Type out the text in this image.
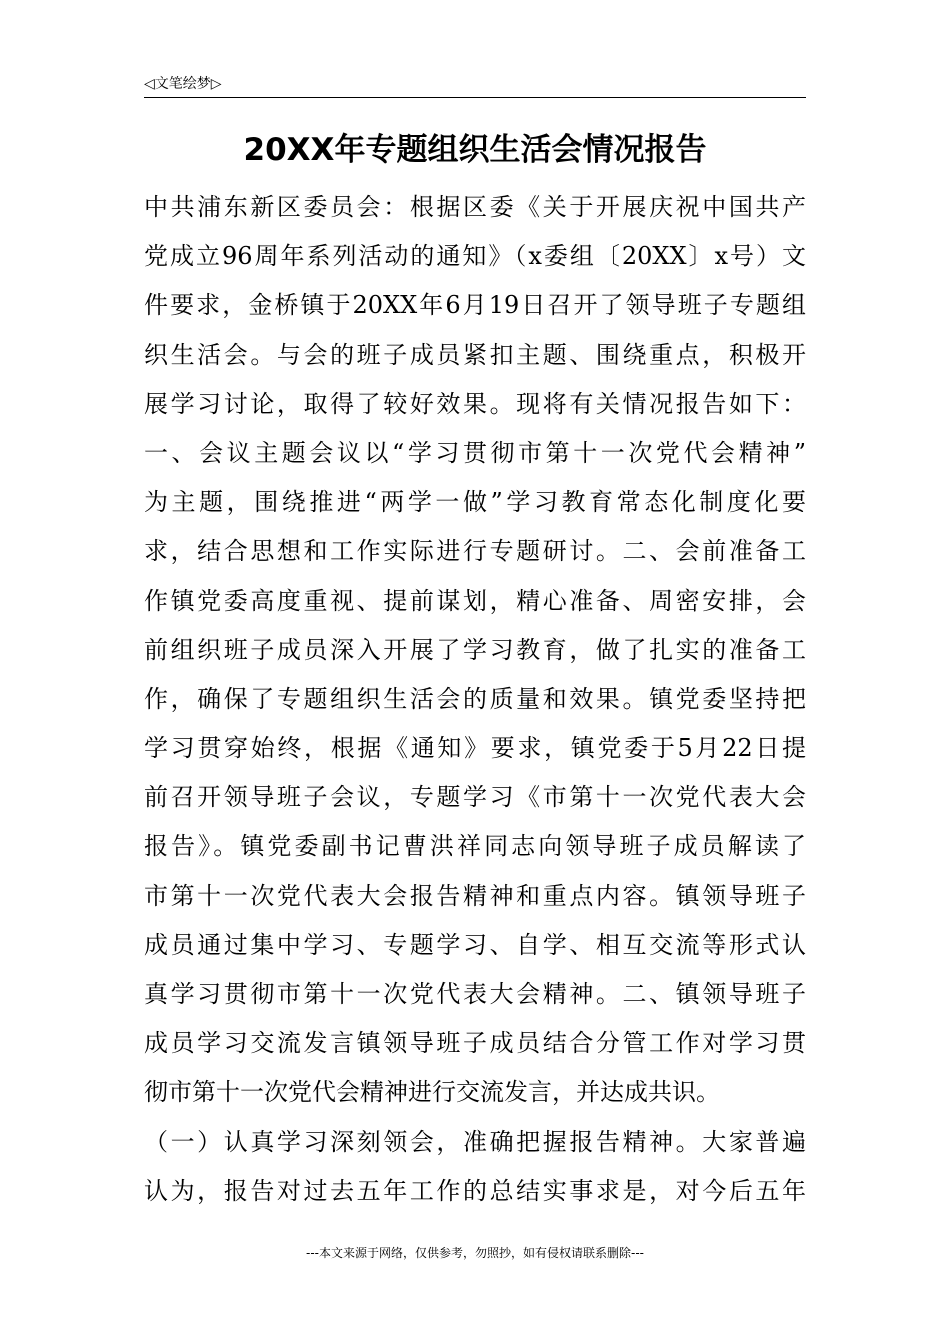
◁文笔绘梦▷
20XX年专题组织生活会情况报告
中共浦东新区委员会：根据区委《关于开展庆祝中国共产
党成立96周年系列活动的通知》（x委组〔20XX〕x号）文
件要求，金桥镇于20XX年6月19日召开了领导班子专题组
织生活会。与会的班子成员紧扣主题、围绕重点，积极开
展学习讨论，取得了较好效果。现将有关情况报告如下：
一、会议主题会议以“学习贯彻市第十一次党代会精神”
为主题，围绕推进“两学一做”学习教育常态化制度化要
求，结合思想和工作实际进行专题研讨。二、会前准备工
作镇党委高度重视、提前谋划，精心准备、周密安排，会
前组织班子成员深入开展了学习教育，做了扎实的准备工
作，确保了专题组织生活会的质量和效果。镇党委坚持把
学习贯穿始终，根据《通知》要求，镇党委于5月22日提
前召开领导班子会议，专题学习《市第十一次党代表大会
报告》。镇党委副书记曹洪祥同志向领导班子成员解读了
市第十一次党代表大会报告精神和重点内容。镇领导班子
成员通过集中学习、专题学习、自学、相互交流等形式认
真学习贯彻市第十一次党代表大会精神。二、镇领导班子
成员学习交流发言镇领导班子成员结合分管工作对学习贯
彻市第十一次党代会精神进行交流发言，并达成共识。
（一）认真学习深刻领会，准确把握报告精神。大家普遍
认为，报告对过去五年工作的总结实事求是，对今后五年
---本文来源于网络，仅供参考，勿照抄，如有侵权请联系删除---
